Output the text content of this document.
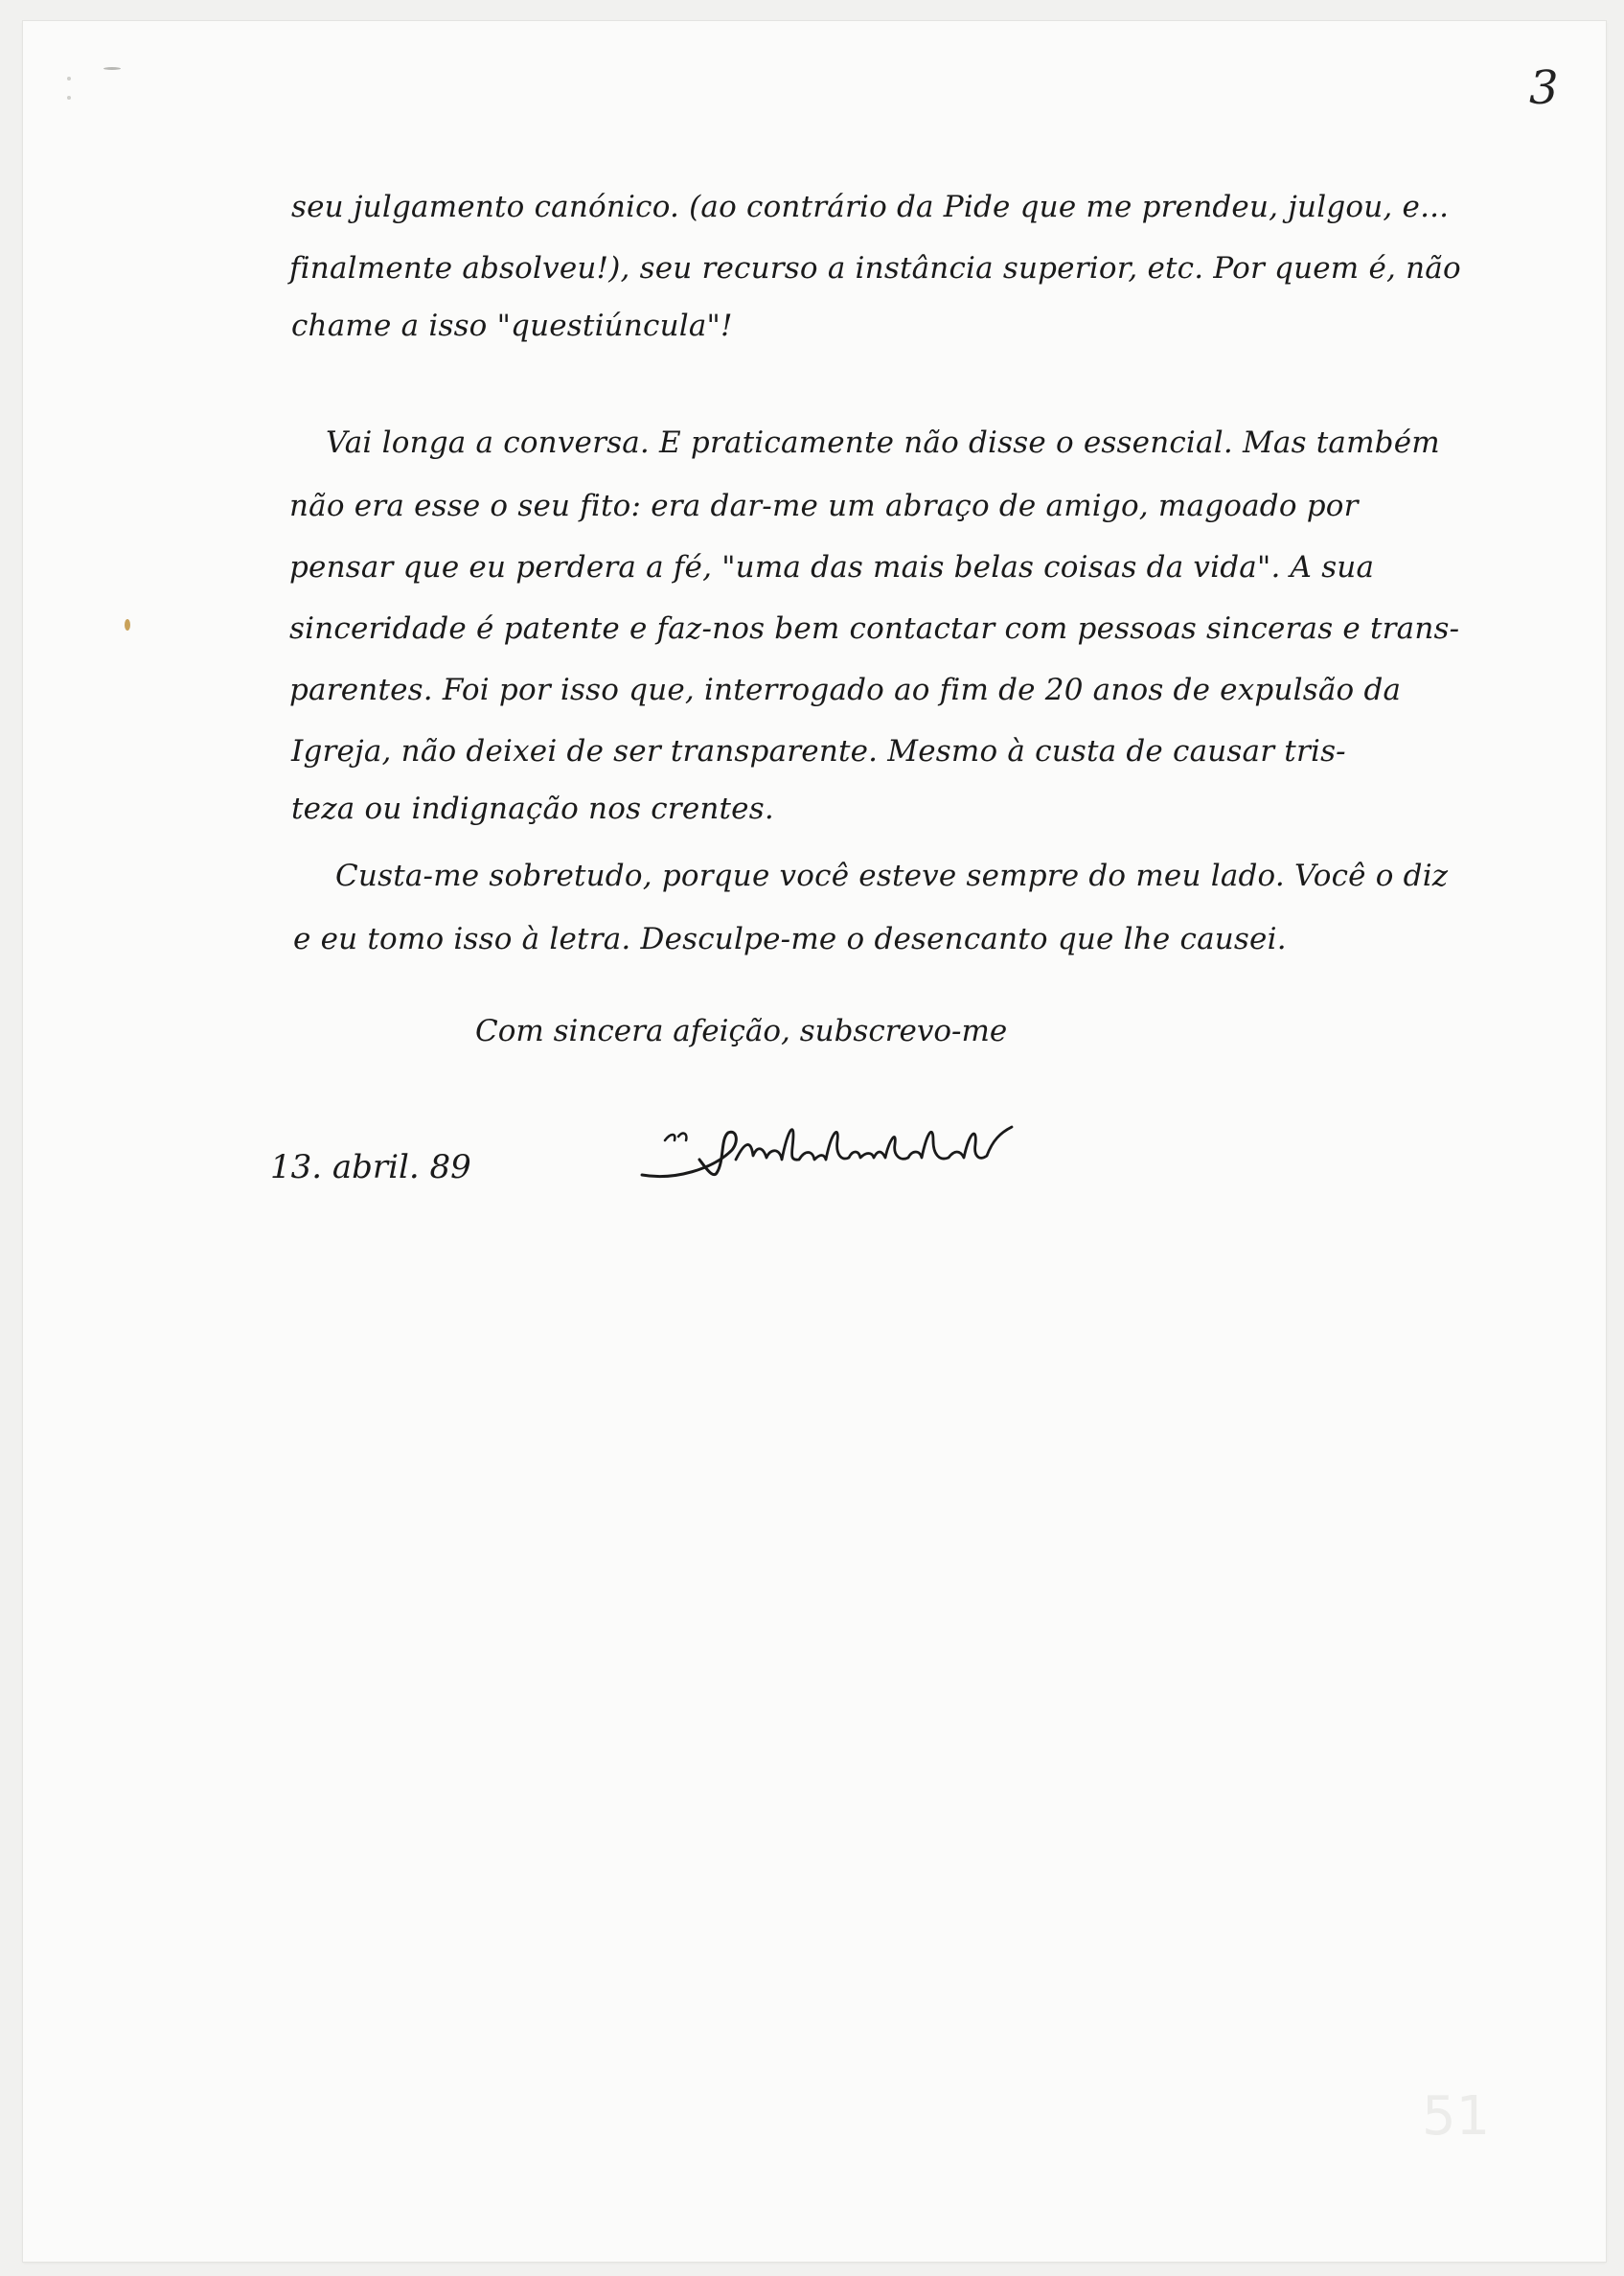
3
seu julgamento canónico. (ao contrário da Pide que me prendeu, julgou, e...
finalmente absolveu!), seu recurso a instância superior, etc. Por quem é, não
chame a isso "questiúncula"!
Vai longa a conversa. E praticamente não disse o essencial. Mas também
não era esse o seu fito: era dar-me um abraço de amigo, magoado por
pensar que eu perdera a fé, "uma das mais belas coisas da vida". A sua
sinceridade é patente e faz-nos bem contactar com pessoas sinceras e trans-
parentes. Foi por isso que, interrogado ao fim de 20 anos de expulsão da
Igreja, não deixei de ser transparente. Mesmo à custa de causar tris-
teza ou indignação nos crentes.
Custa-me sobretudo, porque você esteve sempre do meu lado. Você o diz
e eu tomo isso à letra. Desculpe-me o desencanto que lhe causei.
Com sincera afeição, subscrevo-me
13. abril. 89
51
